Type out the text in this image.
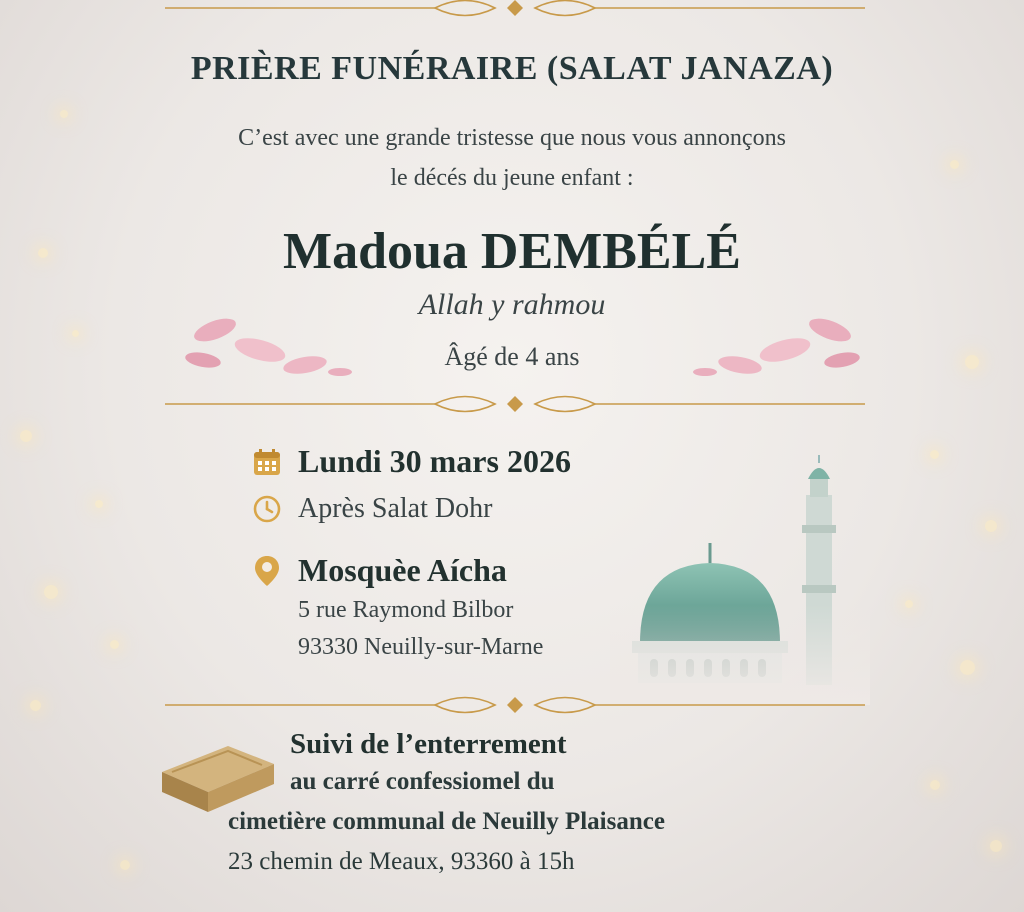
PRIÈRE FUNÉRAIRE (SALAT JANAZA)
C’est avec une grande tristesse que nous vous annonçons
le décés du jeune enfant :
Madoua DEMBÉLÉ
Allah y rahmou
Âgé de 4 ans
Lundi 30 mars 2026
Après Salat Dohr
Mosquèe Aícha
5 rue Raymond Bilbor
93330 Neuilly-sur-Marne
Suivi de l’enterrement
au carré confessiomel du
cimetière communal de Neuilly Plaisance
23 chemin de Meaux, 93360 à 15h
